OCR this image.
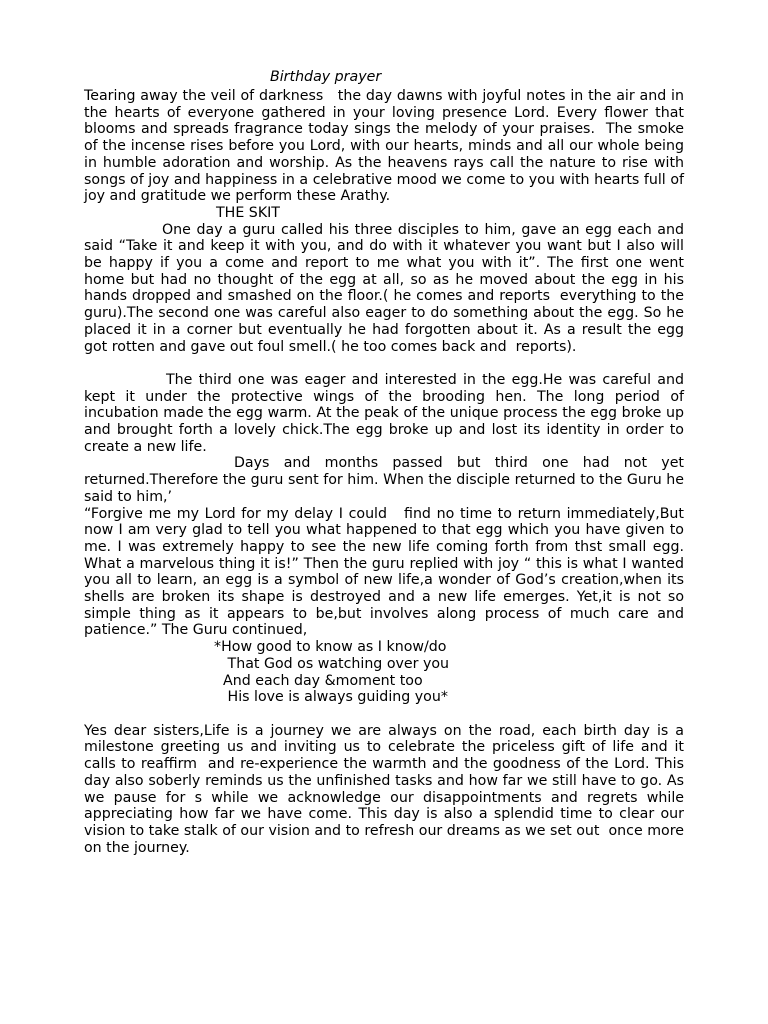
Birthday prayer

Tearing away the veil of darkness   the day dawns with joyful notes in the air and in the hearts of everyone gathered in your loving presence Lord. Every flower that blooms and spreads fragrance today sings the melody of your praises.  The smoke of the incense rises before you Lord, with our hearts, minds and all our whole being in humble adoration and worship. As the heavens rays call the nature to rise with songs of joy and happiness in a celebrative mood we come to you with hearts full of joy and gratitude we perform these Arathy.

THE SKIT

One day a guru called his three disciples to him, gave an egg each and said “Take it and keep it with you, and do with it whatever you want but I also will be happy if you a come and report to me what you with it”. The first one went home but had no thought of the egg at all, so as he moved about the egg in his hands dropped and smashed on the floor.( he comes and reports  everything to the guru).The second one was careful also eager to do something about the egg. So he placed it in a corner but eventually he had forgotten about it. As a result the egg got rotten and gave out foul smell.( he too comes back and  reports).

The third one was eager and interested in the egg.He was careful and kept it under the protective wings of the brooding hen. The long period of incubation made the egg warm. At the peak of the unique process the egg broke up and brought forth a lovely chick.The egg broke up and lost its identity in order to create a new life.

Days and months passed but third one had not yet returned.Therefore the guru sent for him. When the disciple returned to the Guru he  said to him,’

“Forgive me my Lord for my delay I could   find no time to return immediately,But now I am very glad to tell you what happened to that egg which you have given to me. I was extremely happy to see the new life coming forth from thst small egg. What a marvelous thing it is!” Then the guru replied with joy “ this is what I wanted you all to learn, an egg is a symbol of new life,a wonder of God’s creation,when its shells are broken its shape is destroyed and a new life emerges. Yet,it is not so simple thing as it appears to be,but involves along process of much care and patience.” The Guru continued,

*How good to know as I know/do
That God os watching over you
And each day &moment too
His love is always guiding you*

Yes dear sisters,Life is a journey we are always on the road, each birth day is a milestone greeting us and inviting us to celebrate the priceless gift of life and it calls to reaffirm  and re-experience the warmth and the goodness of the Lord. This  day also soberly reminds us the unfinished tasks and how far we still have to go. As we pause for s while we acknowledge our disappointments and regrets while appreciating how far we have come. This day is also a splendid time to clear our vision to take stalk of our vision and to refresh our dreams as we set out  once more on the journey.
